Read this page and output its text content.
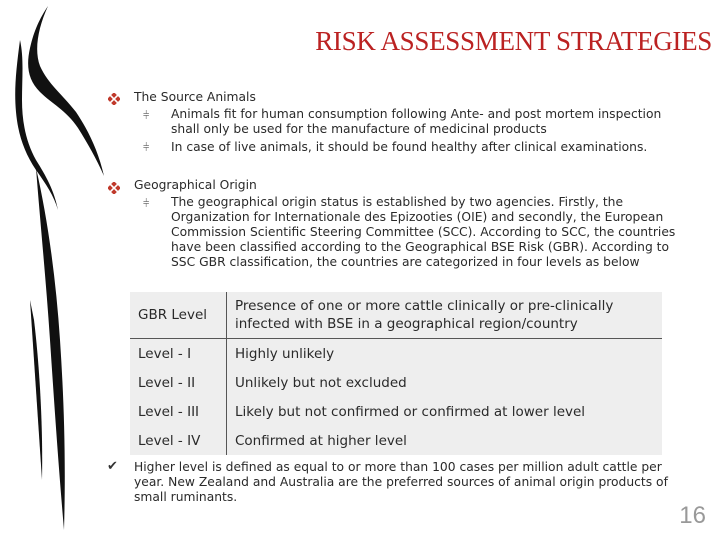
RISK ASSESSMENT STRATEGIES
The Source Animals
⫩ Animals fit for human consumption following Ante- and post mortem inspection shall only be used for the manufacture of medicinal products
⫩ In case of live animals, it should be found healthy after clinical examinations.
Geographical Origin
⫩ The geographical origin status is established by two agencies. Firstly, the Organization for Internationale des Epizooties (OIE) and secondly, the European Commission Scientific Steering Committee (SCC). According to SCC, the countries have been classified according to the Geographical BSE Risk (GBR). According to SSC GBR classification, the countries are categorized in four levels as below
GBR Level	Presence of one or more cattle clinically or pre-clinically infected with BSE in a geographical region/country
Level - I	Highly unlikely
Level - II	Unlikely but not excluded
Level - III	Likely but not confirmed or confirmed at lower level
Level - IV	Confirmed at higher level
✔ Higher level is defined as equal to or more than 100 cases per million adult cattle per year. New Zealand and Australia are the preferred sources of animal origin products of small ruminants.
16
